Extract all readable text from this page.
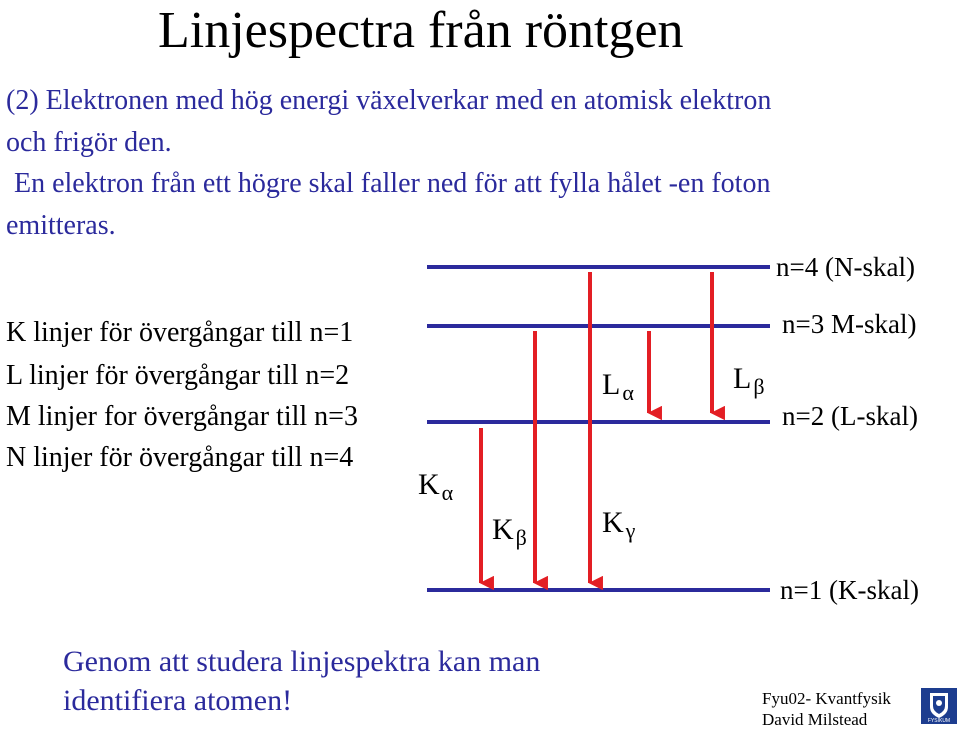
Linjespectra från röntgen
(2) Elektronen med hög energi växelverkar med en atomisk elektron
och frigör den.
En elektron från ett högre skal faller ned för att fylla hålet -en foton
emitteras.
K linjer för övergångar till n=1
L linjer för övergångar till n=2
M linjer for övergångar till n=3
N linjer för övergångar till n=4
n=4 (N-skal)
n=3 M-skal)
n=2 (L-skal)
n=1 (K-skal)
$K_\alpha$
$K_\beta$	$K_\gamma$
$L_\alpha$	$L_\beta$
Genom att studera linjespektra kan man
identifiera atomen!	Fyu02- Kvantfysik
David Milstead	FYSIKUM
